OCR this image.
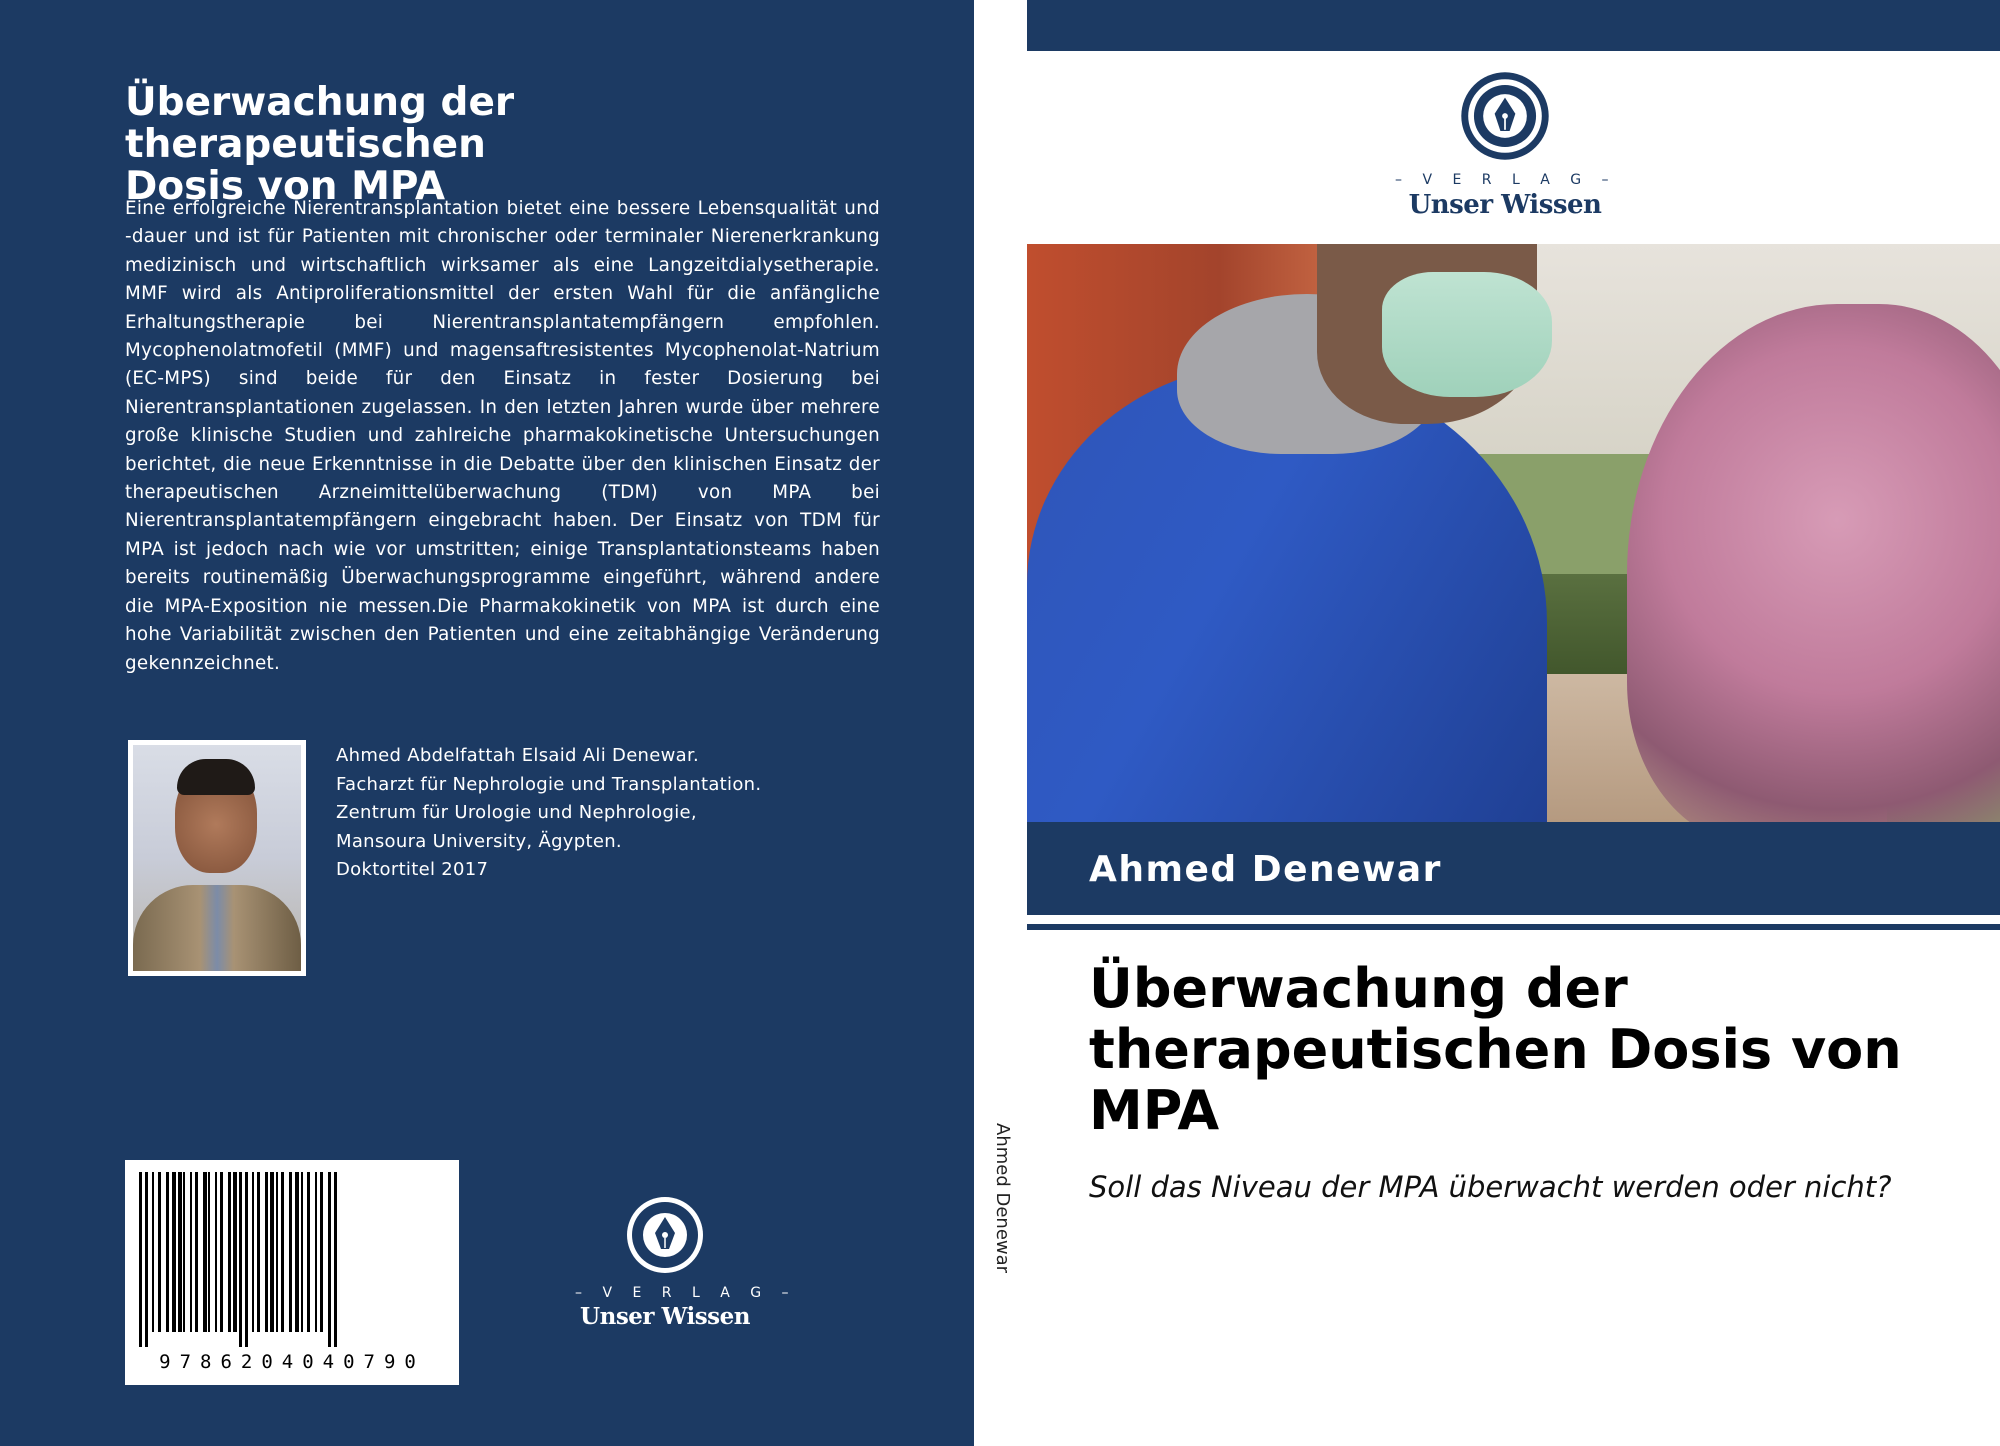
Überwachung der therapeutischen
Dosis von MPA
Eine erfolgreiche Nierentransplantation bietet eine bessere Lebensqualität und -dauer und ist für Patienten mit chronischer oder terminaler Nierenerkrankung medizinisch und wirtschaftlich wirksamer als eine Langzeitdialysetherapie. MMF wird als Antiproliferationsmittel der ersten Wahl für die anfängliche Erhaltungstherapie bei Nierentransplantatempfängern empfohlen. Mycophenolatmofetil (MMF) und magensaftresistentes Mycophenolat-Natrium (EC-MPS) sind beide für den Einsatz in fester Dosierung bei Nierentransplantationen zugelassen. In den letzten Jahren wurde über mehrere große klinische Studien und zahlreiche pharmakokinetische Untersuchungen berichtet, die neue Erkenntnisse in die Debatte über den klinischen Einsatz der therapeutischen Arzneimittelüberwachung (TDM) von MPA bei Nierentransplantatempfängern eingebracht haben. Der Einsatz von TDM für MPA ist jedoch nach wie vor umstritten; einige Transplantationsteams haben bereits routinemäßig Überwachungsprogramme eingeführt, während andere die MPA-Exposition nie messen.Die Pharmakokinetik von MPA ist durch eine hohe Variabilität zwischen den Patienten und eine zeitabhängige Veränderung gekennzeichnet.
Ahmed Abdelfattah Elsaid Ali Denewar.
Facharzt für Nephrologie und Transplantation.
Zentrum für Urologie und Nephrologie,
Mansoura University, Ägypten.
Doktortitel 2017
9786204040790
– V E R L A G –
Unser Wissen
Ahmed Denewar
– V E R L A G –
Unser Wissen
Ahmed Denewar
Überwachung der
therapeutischen Dosis von
MPA
Soll das Niveau der MPA überwacht werden oder nicht?
